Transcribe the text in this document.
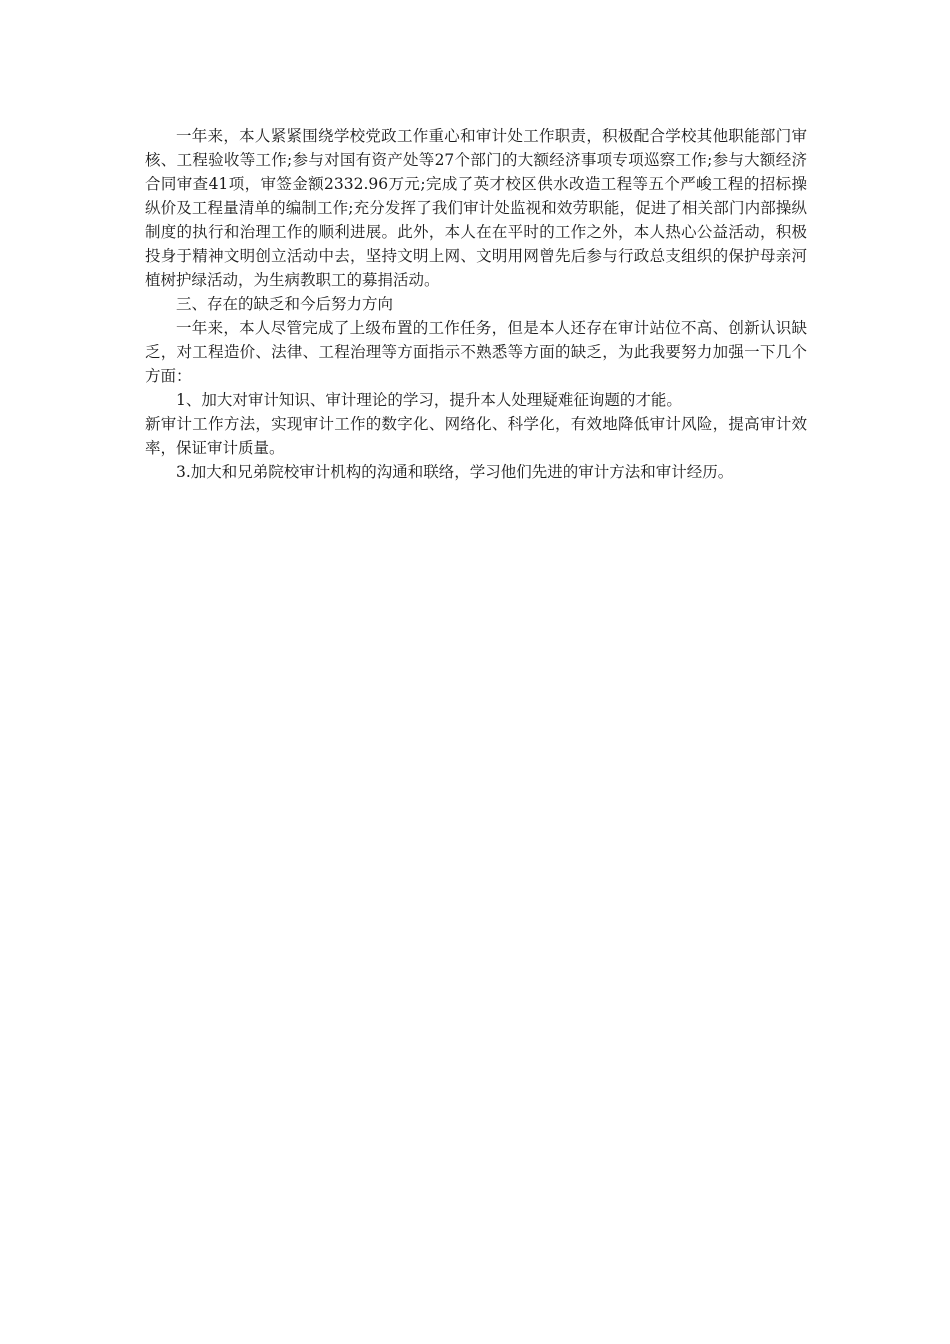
一年来，本人紧紧围绕学校党政工作重心和审计处工作职责，积极配合学校其他职能部门审核、工程验收等工作;参与对国有资产处等27个部门的大额经济事项专项巡察工作;参与大额经济合同审查41项，审签金额2332.96万元;完成了英才校区供水改造工程等五个严峻工程的招标操纵价及工程量清单的编制工作;充分发挥了我们审计处监视和效劳职能，促进了相关部门内部操纵制度的执行和治理工作的顺利进展。此外，本人在在平时的工作之外，本人热心公益活动，积极投身于精神文明创立活动中去，坚持文明上网、文明用网曾先后参与行政总支组织的保护母亲河植树护绿活动，为生病教职工的募捐活动。

三、存在的缺乏和今后努力方向

一年来，本人尽管完成了上级布置的工作任务，但是本人还存在审计站位不高、创新认识缺乏，对工程造价、法律、工程治理等方面指示不熟悉等方面的缺乏，为此我要努力加强一下几个方面：

1、加大对审计知识、审计理论的学习，提升本人处理疑难征询题的才能。

新审计工作方法，实现审计工作的数字化、网络化、科学化，有效地降低审计风险，提高审计效率，保证审计质量。

3.加大和兄弟院校审计机构的沟通和联络，学习他们先进的审计方法和审计经历。
